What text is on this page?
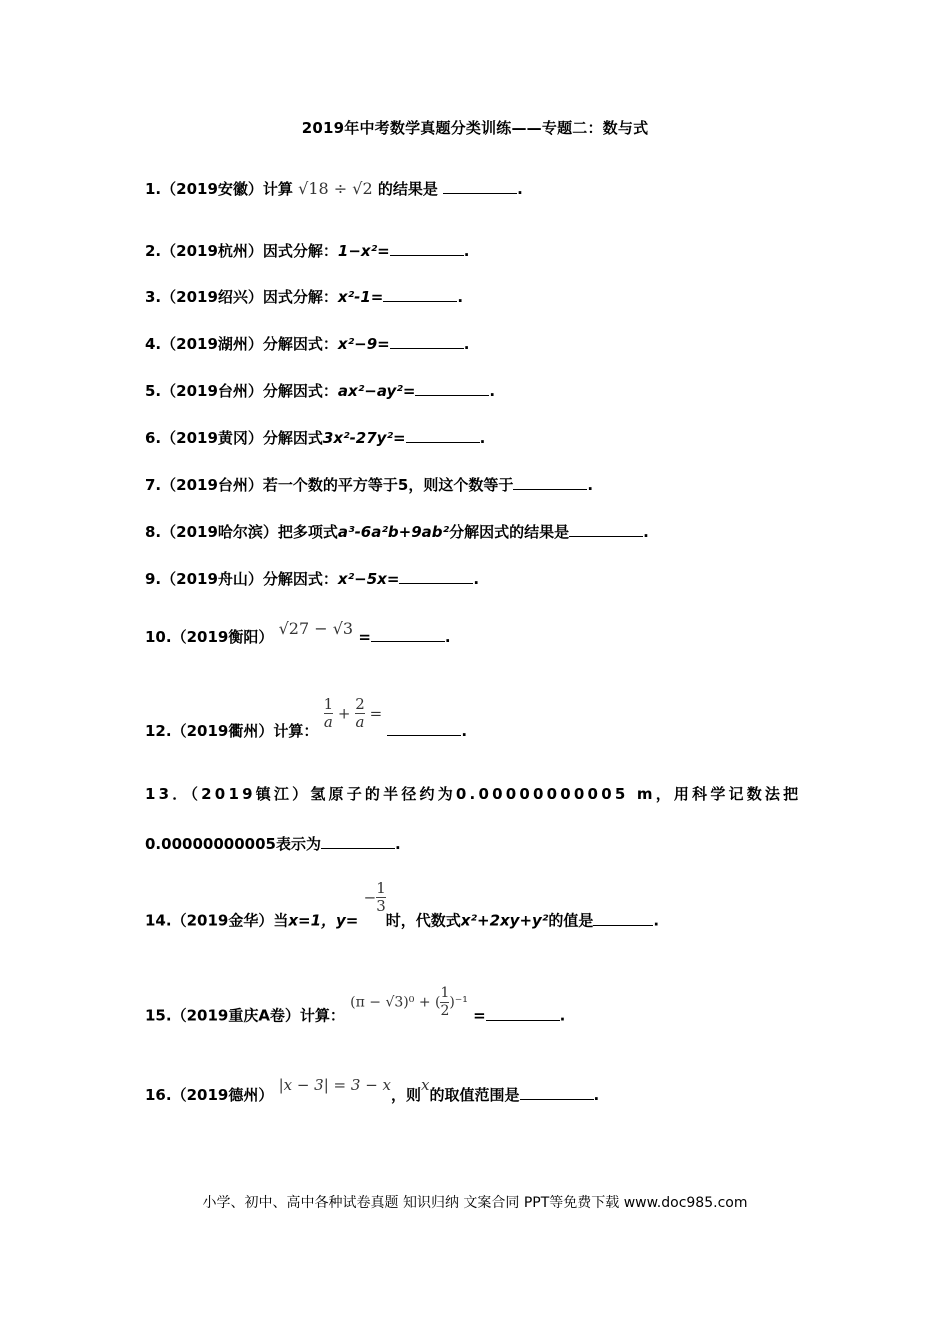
2019年中考数学真题分类训练——专题二：数与式
1.（2019安徽）计算 √18 ÷ √2 的结果是	.
2.（2019杭州）因式分解：1−x²=	.
3.（2019绍兴）因式分解：x²-1=	.
4.（2019湖州）分解因式：x²−9=	.
5.（2019台州）分解因式：ax²−ay²=	.
6.（2019黄冈）分解因式3x²-27y²=	.
7.（2019台州）若一个数的平方等于5，则这个数等于	.
8.（2019哈尔滨）把多项式a³-6a²b+9ab²分解因式的结果是	.
9.（2019舟山）分解因式：x²−5x=	.
10.（2019衡阳） √27 − √3 =	.
12.（2019衢州）计算： $\frac{1}{a} + \frac{2}{a}$ = .
13．（2019镇江）氢原子的半径约为0.00000000005 m，用科学记数法把
0.00000000005表示为	.
14.（2019金华）当x=1，$y= - \frac{1}{3}$
时，代数式x²+2xy+y²的值是	.
15.（2019重庆A卷）计算： (π − √3)⁰ + ( $\frac{1}{2} )^{-1}$ =	.
16.（2019德州） |x − 3| = 3 − x，则x的取值范围是	.
小学、初中、高中各种试卷真题 知识归纳 文案合同 PPT等免费下载 www.doc985.com
